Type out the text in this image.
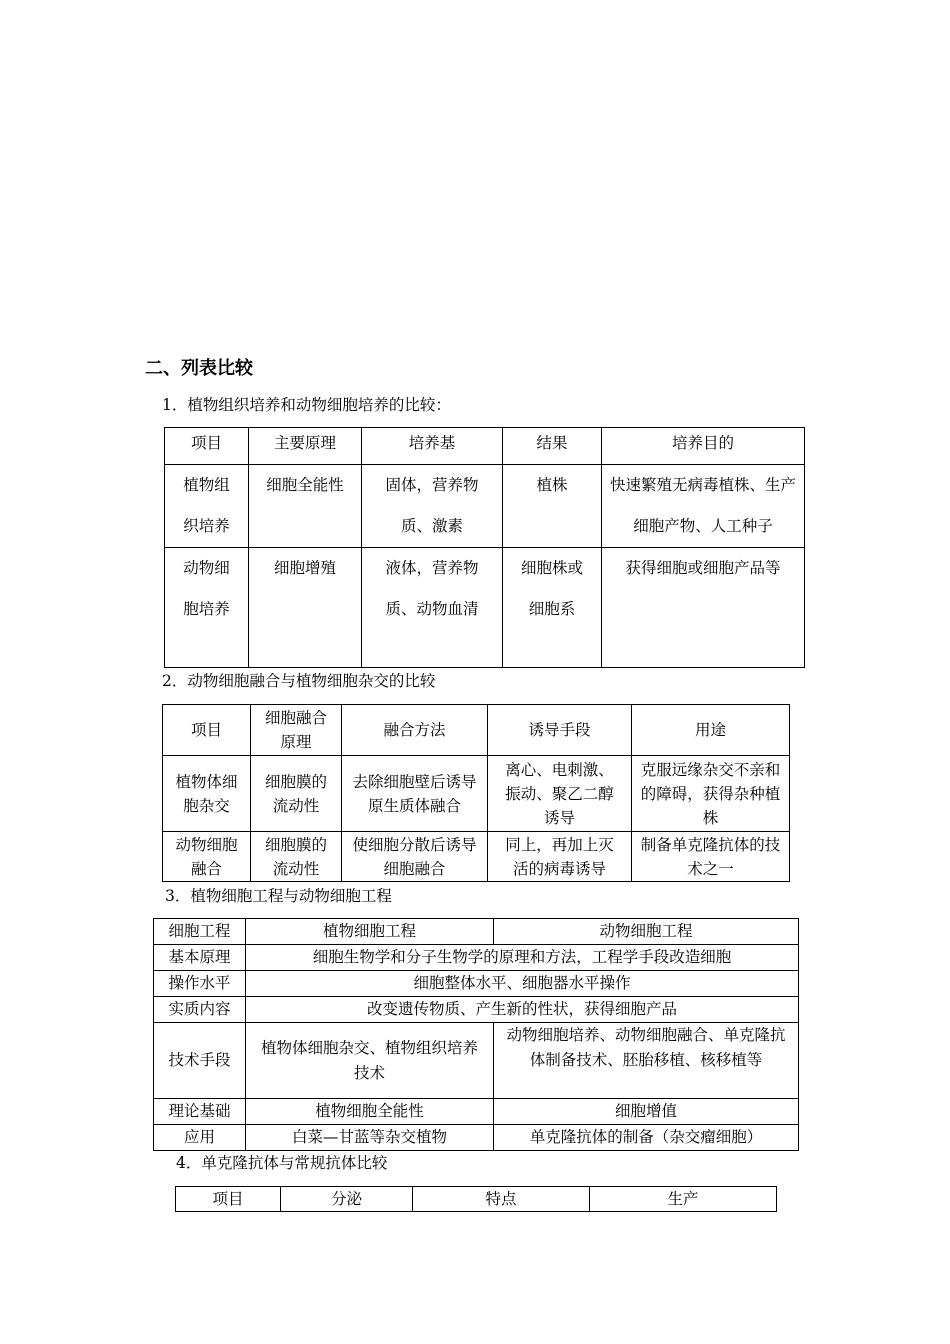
二、列表比较
1．植物组织培养和动物细胞培养的比较：
项目	主要原理	培养基	结果	培养目的
植物组织培养	细胞全能性	固体，营养物质、激素	植株	快速繁殖无病毒植株、生产细胞产物、人工种子
动物细胞培养	细胞增殖	液体，营养物质、动物血清	细胞株或细胞系	获得细胞或细胞产品等
2．动物细胞融合与植物细胞杂交的比较
项目	细胞融合原理	融合方法	诱导手段	用途
植物体细胞杂交	细胞膜的流动性	去除细胞壁后诱导原生质体融合	离心、电刺激、振动、聚乙二醇诱导	克服远缘杂交不亲和的障碍，获得杂种植株
动物细胞融合	细胞膜的流动性	使细胞分散后诱导细胞融合	同上，再加上灭活的病毒诱导	制备单克隆抗体的技术之一
3．植物细胞工程与动物细胞工程
细胞工程	植物细胞工程	动物细胞工程
基本原理	细胞生物学和分子生物学的原理和方法，工程学手段改造细胞	
操作水平	细胞整体水平、细胞器水平操作	
实质内容	改变遗传物质、产生新的性状，获得细胞产品	
技术手段	植物体细胞杂交、植物组织培养技术	动物细胞培养、动物细胞融合、单克隆抗体制备技术、胚胎移植、核移植等
理论基础	植物细胞全能性	细胞增值
应用	白菜—甘蓝等杂交植物	单克隆抗体的制备（杂交瘤细胞）
4．单克隆抗体与常规抗体比较
项目	分泌	特点	生产
